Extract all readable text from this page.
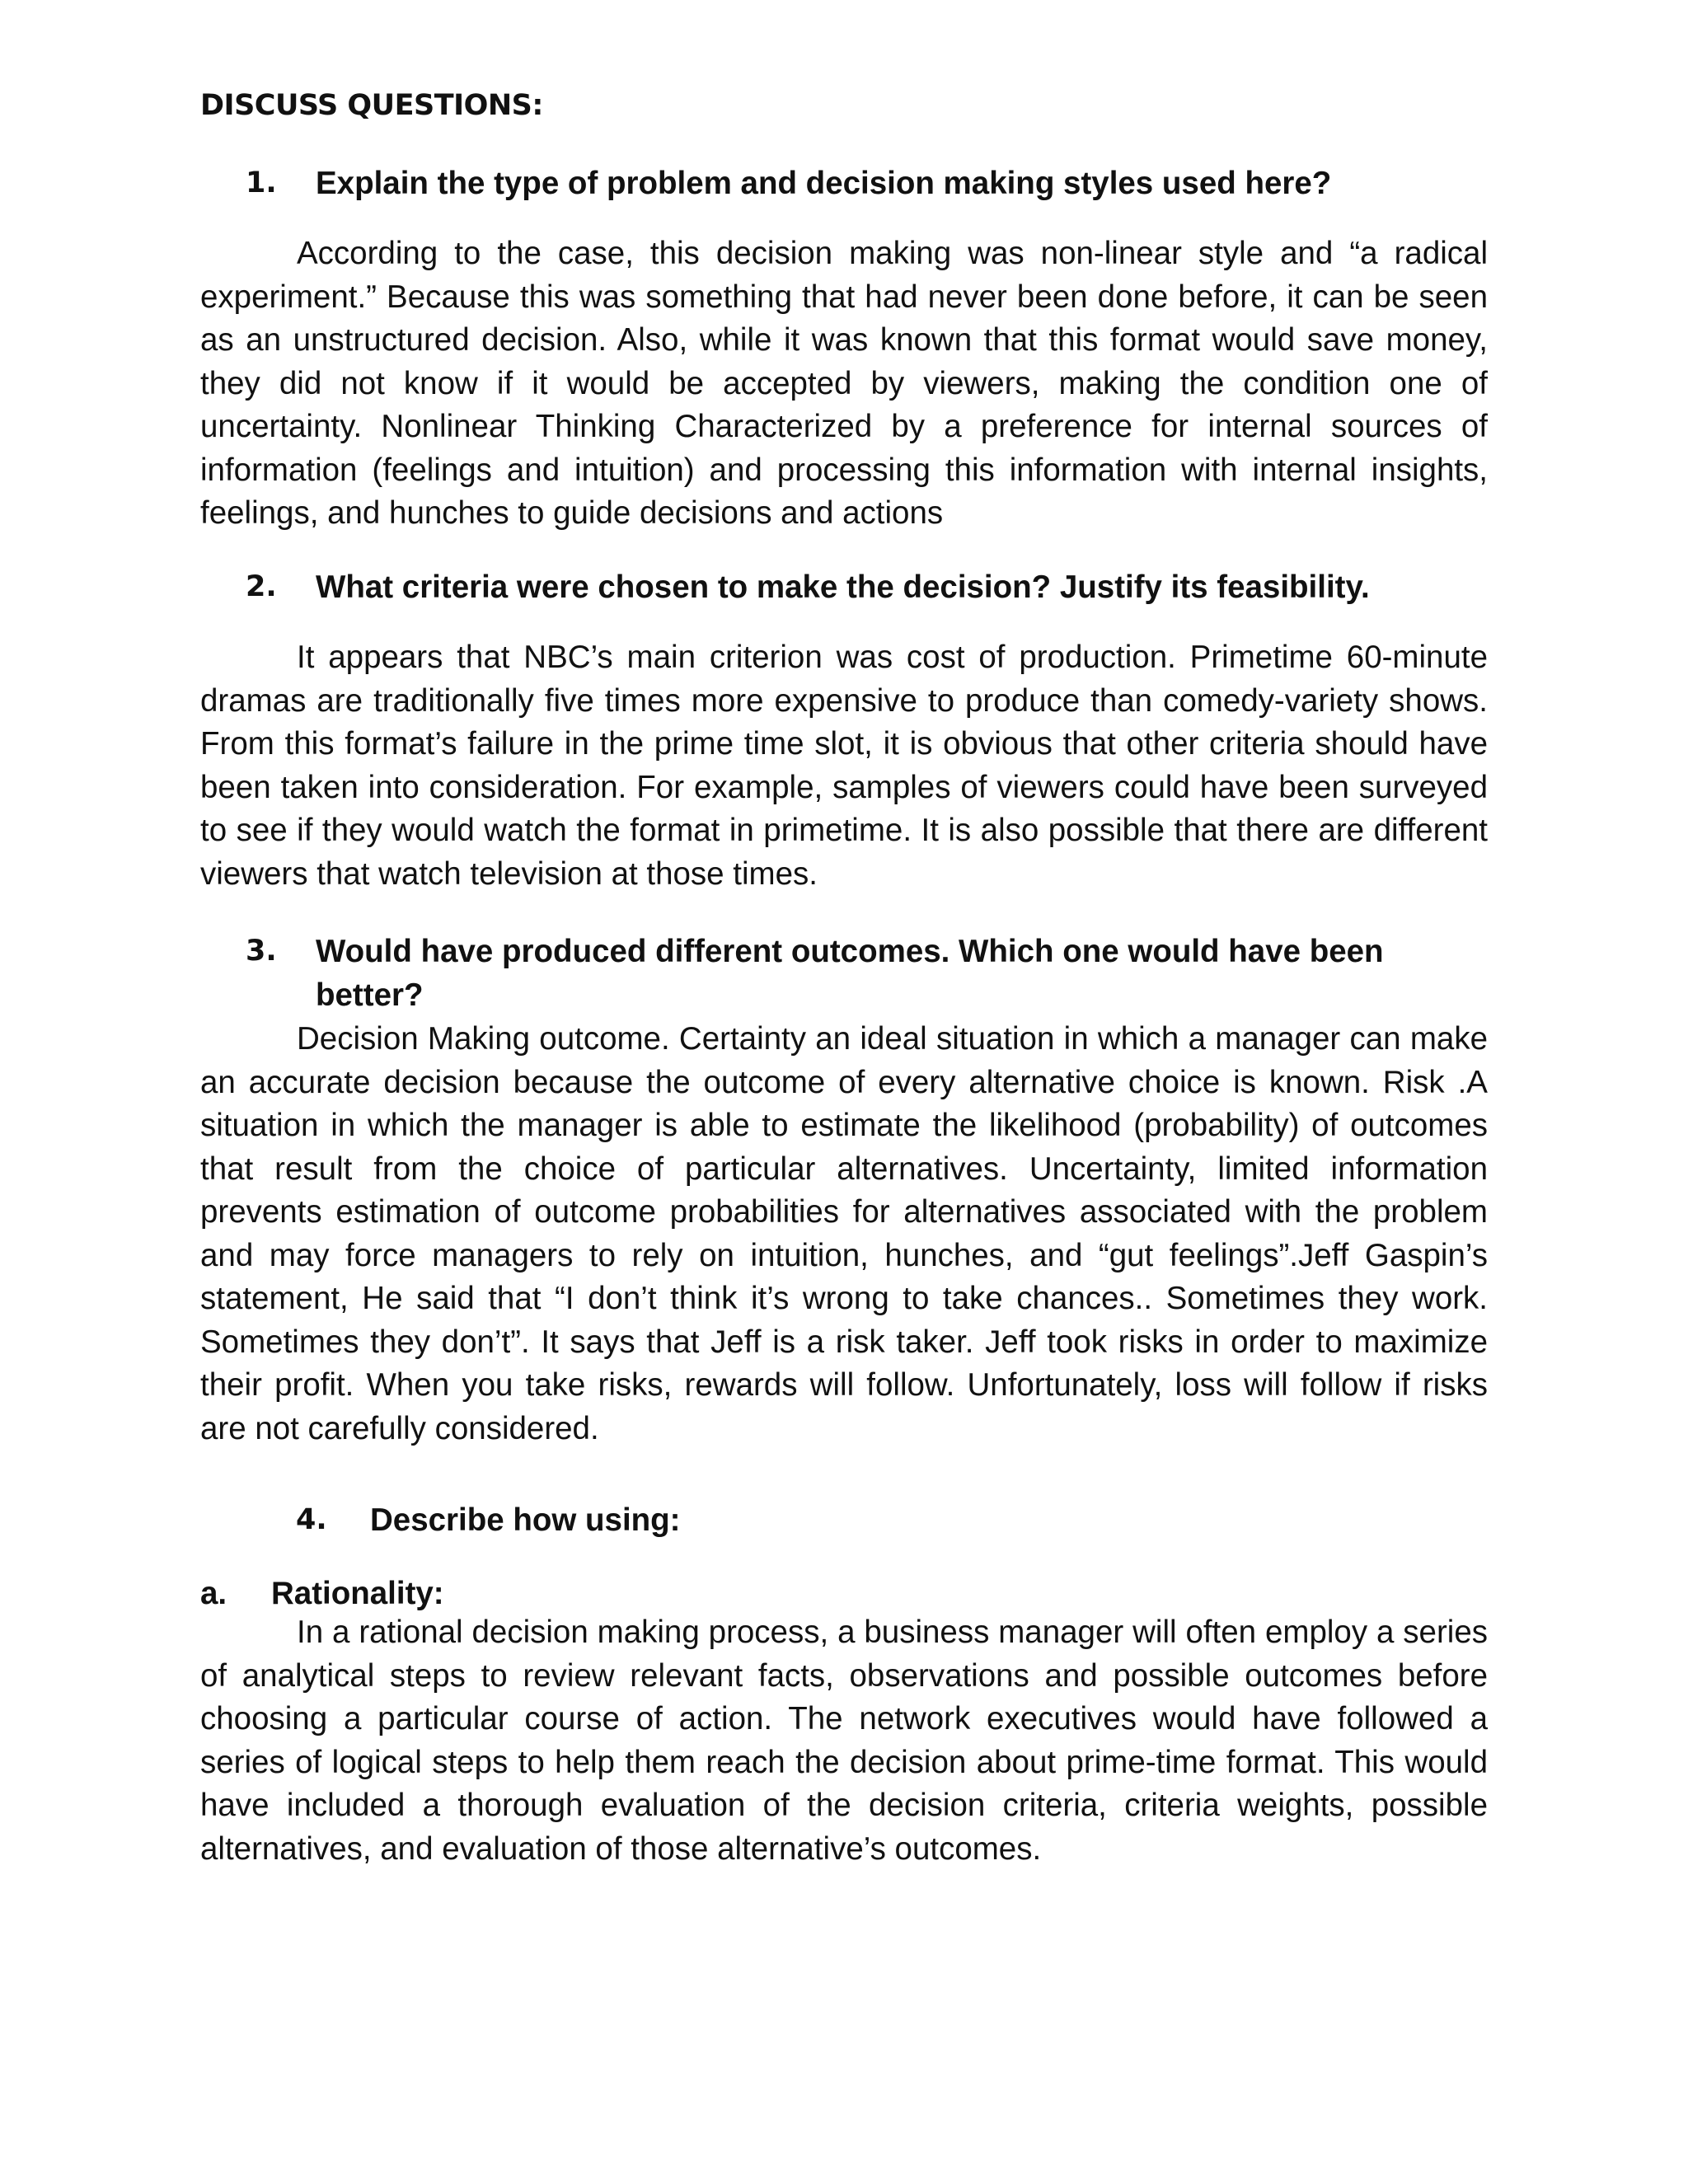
DISCUSS QUESTIONS:
1. Explain the type of problem and decision making styles used here?

According to the case, this decision making was non-linear style and “a radical experiment.” Because this was something that had never been done before, it can be seen as an unstructured decision. Also, while it was known that this format would save money, they did not know if it would be accepted by viewers, making the condition one of uncertainty. Nonlinear Thinking Characterized by a preference for internal sources of information (feelings and intuition) and processing this information with internal insights, feelings, and hunches to guide decisions and actions

2. What criteria were chosen to make the decision? Justify its feasibility.

It appears that NBC’s main criterion was cost of production. Primetime 60-minute dramas are traditionally five times more expensive to produce than comedy-variety shows. From this format’s failure in the prime time slot, it is obvious that other criteria should have been taken into consideration. For example, samples of viewers could have been surveyed to see if they would watch the format in primetime. It is also possible that there are different viewers that watch television at those times.

3. Would have produced different outcomes. Which one would have been better?

Decision Making outcome. Certainty an ideal situation in which a manager can make an accurate decision because the outcome of every alternative choice is known. Risk .A situation in which the manager is able to estimate the likelihood (probability) of outcomes that result from the choice of particular alternatives. Uncertainty, limited information prevents estimation of outcome probabilities for alternatives associated with the problem and may force managers to rely on intuition, hunches, and “gut feelings”.Jeff Gaspin’s statement, He said that “I don’t think it’s wrong to take chances.. Sometimes they work. Sometimes they don’t”. It says that Jeff is a risk taker. Jeff took risks in order to maximize their profit. When you take risks, rewards will follow. Unfortunately, loss will follow if risks are not carefully considered.

4. Describe how using:
a. Rationality:

In a rational decision making process, a business manager will often employ a series of analytical steps to review relevant facts, observations and possible outcomes before choosing a particular course of action. The network executives would have followed a series of logical steps to help them reach the decision about prime-time format. This would have included a thorough evaluation of the decision criteria, criteria weights, possible alternatives, and evaluation of those alternative’s outcomes.
